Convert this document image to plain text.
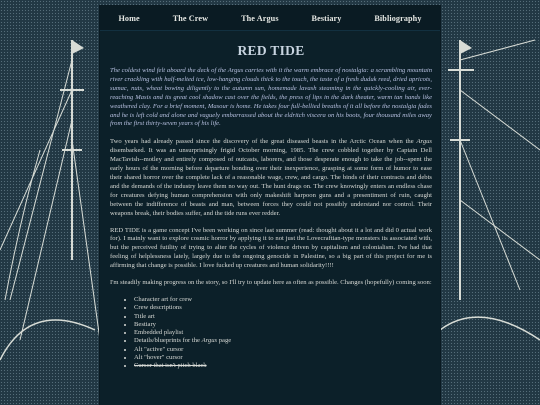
Home	The Crew	The Argus	Bestiary	Bibliography
RED TIDE

The coldest wind felt aboard the deck of the Argus carries with it the warm embrace of nostalgia: a scrambling mountain river crackling with half-melted ice, low-hanging clouds thick to the touch, the taste of a fresh duduk reed, dried apricots, sumac, nuts, wheat bowing diligently to the autumn sun, homemade lavash steaming in the quickly-cooling air, ever-reaching Masis and its great cool shadow cast over the fields, the press of lips in the dark theater, warm tan hands like weathered clay. For a brief moment, Masour is home. He takes four full-bellied breaths of it all before the nostalgia fades and he is left cold and alone and vaguely embarrassed about the eldritch viscera on his boots, four thousand miles away from the first thirty-seven years of his life.

Two years had already passed since the discovery of the great diseased beasts in the Arctic Ocean when the Argus disembarked. It was an unsurprisingly frigid October morning, 1985. The crew cobbled together by Captain Dell MacTavish--motley and entirely composed of outcasts, laborers, and those desperate enough to take the job--spent the early hours of the morning before departure bonding over their inexperience, grasping at some form of humor to ease their shared horror over the complete lack of a reasonable wage, crew, and cargo. The binds of their contracts and debts and the demands of the industry leave them no way out. The hunt drags on. The crew knowingly enters an endless chase for creatures defying human comprehension with only makeshift harpoon guns and a presentiment of ruin, caught between the indifference of beasts and man, between forces they could not possibly understand nor control. Their weapons break, their bodies suffer, and the tide runs ever redder.

RED TIDE is a game concept I've been working on since last summer (read: thought about it a lot and did 0 actual work for). I mainly want to explore cosmic horror by applying it to not just the Lovecraftian-type monsters its associated with, but the perceived futility of trying to alter the cycles of violence driven by capitalism and colonialism. I've had that feeling of helplessness lately, largely due to the ongoing genocide in Palestine, so a big part of this project for me is affirming that change is possible. I love fucked up creatures and human solidarity!!!!

I'm steadily making progress on the story, so I'll try to update here as often as possible. Changes (hopefully) coming soon:

• Character art for crew
• Crew descriptions
• Title art
• Bestiary
• Embedded playlist
• Details/blueprints for the Argus page
• Alt "active" cursor
• Alt "hover" cursor
• Cursor that isn't pitch black
